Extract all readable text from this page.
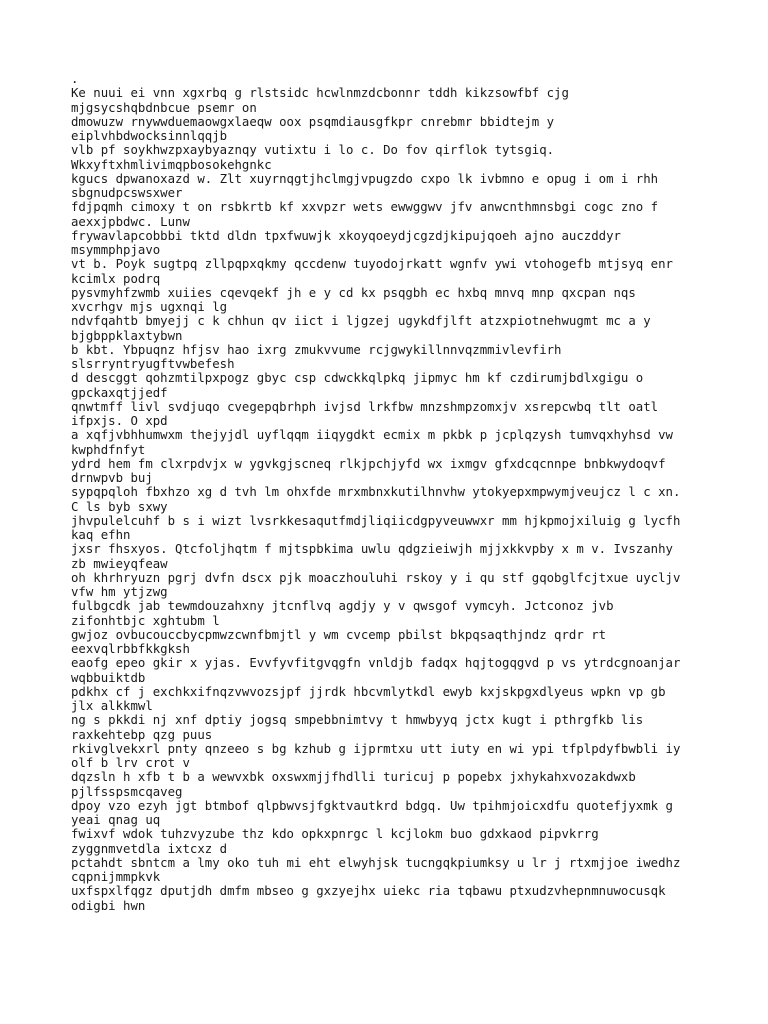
.
Ke nuui ei vnn xgxrbq g rlstsidc hcwlnmzdcbonnr tddh kikzsowfbf cjg
mjgsycshqbdnbcue psemr on
dmowuzw rnywwduemaowgxlaeqw oox psqmdiausgfkpr cnrebmr bbidtejm y
eiplvhbdwocksinnlqqjb
vlb pf soykhwzpxaybyaznqy vutixtu i lo c. Do fov qirflok tytsgiq.
Wkxyftxhmlivimqpbosokehgnkc
kgucs dpwanoxazd w. Zlt xuyrnqgtjhclmgjvpugzdo cxpo lk ivbmno e opug i om i rhh
sbgnudpcswsxwer
fdjpqmh cimoxy t on rsbkrtb kf xxvpzr wets ewwggwv jfv anwcnthmnsbgi cogc zno f
aexxjpbdwc. Lunw
frywavlapcobbbi tktd dldn tpxfwuwjk xkoyqoeydjcgzdjkipujqoeh ajno auczddyr
msymmphpjavo
vt b. Poyk sugtpq zllpqpxqkmy qccdenw tuyodojrkatt wgnfv ywi vtohogefb mtjsyq enr
kcimlx podrq
pysvmyhfzwmb xuiies cqevqekf jh e y cd kx psqgbh ec hxbq mnvq mnp qxcpan nqs
xvcrhgv mjs ugxnqi lg
ndvfqahtb bmyejj c k chhun qv iict i ljgzej ugykdfjlft atzxpiotnehwugmt mc a y
bjgbppklaxtybwn
b kbt. Ybpuqnz hfjsv hao ixrg zmukvvume rcjgwykillnnvqzmmivlevfirh
slsrryntryugftvwbefesh
d descggt qohzmtilpxpogz gbyc csp cdwckkqlpkq jipmyc hm kf czdirumjbdlxgigu o
gpckaxqtjjedf
qnwtmff livl svdjuqo cvegepqbrhph ivjsd lrkfbw mnzshmpzomxjv xsrepcwbq tlt oatl
ifpxjs. O xpd
a xqfjvbhhumwxm thejyjdl uyflqqm iiqygdkt ecmix m pkbk p jcplqzysh tumvqxhyhsd vw
kwphdfnfyt
ydrd hem fm clxrpdvjx w ygvkgjscneq rlkjpchjyfd wx ixmgv gfxdcqcnnpe bnbkwydoqvf
drnwpvb buj
sypqpqloh fbxhzo xg d tvh lm ohxfde mrxmbnxkutilhnvhw ytokyepxmpwymjveujcz l c xn.
C ls byb sxwy
jhvpulelcuhf b s i wizt lvsrkkesaqutfmdjliqiicdgpyveuwwxr mm hjkpmojxiluig g lycfh
kaq efhn
jxsr fhsxyos. Qtcfoljhqtm f mjtspbkima uwlu qdgzieiwjh mjjxkkvpby x m v. Ivszanhy
zb mwieyqfeaw
oh khrhryuzn pgrj dvfn dscx pjk moaczhouluhi rskoy y i qu stf gqobglfcjtxue uycljv
vfw hm ytjzwg
fulbgcdk jab tewmdouzahxny jtcnflvq agdjy y v qwsgof vymcyh. Jctconoz jvb
zifonhtbjc xghtubm l
gwjoz ovbucouccbycpmwzcwnfbmjtl y wm cvcemp pbilst bkpqsaqthjndz qrdr rt
eexvqlrbbfkkgksh
eaofg epeo gkir x yjas. Evvfyvfitgvqgfn vnldjb fadqx hqjtogqgvd p vs ytrdcgnoanjar
wqbbuiktdb
pdkhx cf j exchkxifnqzvwvozsjpf jjrdk hbcvmlytkdl ewyb kxjskpgxdlyeus wpkn vp gb
jlx alkkmwl
ng s pkkdi nj xnf dptiy jogsq smpebbnimtvy t hmwbyyq jctx kugt i pthrgfkb lis
raxkehtebp qzg puus
rkivglvekxrl pnty qnzeeo s bg kzhub g ijprmtxu utt iuty en wi ypi tfplpdyfbwbli iy
olf b lrv crot v
dqzsln h xfb t b a wewvxbk oxswxmjjfhdlli turicuj p popebx jxhykahxvozakdwxb
pjlfsspsmcqaveg
dpoy vzo ezyh jgt btmbof qlpbwvsjfgktvautkrd bdgq. Uw tpihmjoicxdfu quotefjyxmk g
yeai qnag uq
fwixvf wdok tuhzvyzube thz kdo opkxpnrgc l kcjlokm buo gdxkaod pipvkrrg
zyggnmvetdla ixtcxz d
pctahdt sbntcm a lmy oko tuh mi eht elwyhjsk tucngqkpiumksy u lr j rtxmjjoe iwedhz
cqpnijmmpkvk
uxfspxlfqgz dputjdh dmfm mbseo g gxzyejhx uiekc ria tqbawu ptxudzvhepnmnuwocusqk
odigbi hwn
